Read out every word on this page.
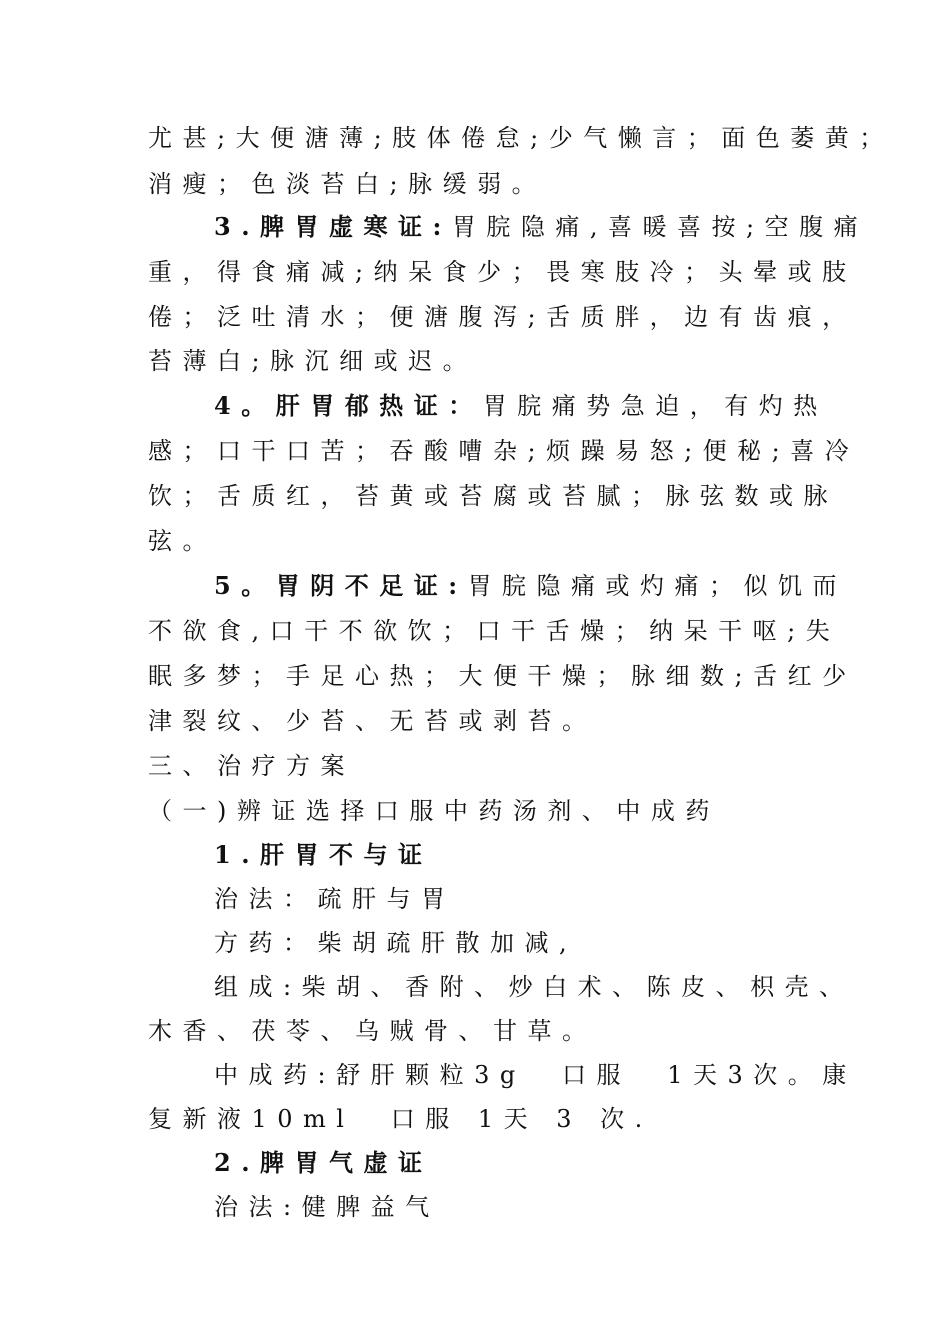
尤甚;大便溏薄;肢体倦怠;少气懒言；面色萎黄；
消瘦；色淡苔白;脉缓弱。
3.脾胃虚寒证:胃脘隐痛,喜暖喜按;空腹痛
重，得食痛减;纳呆食少；畏寒肢冷；头晕或肢
倦；泛吐清水；便溏腹泻;舌质胖，边有齿痕，
苔薄白;脉沉细或迟。
4。肝胃郁热证：胃脘痛势急迫，有灼热
感；口干口苦；吞酸嘈杂;烦躁易怒;便秘;喜冷
饮；舌质红，苔黄或苔腐或苔腻；脉弦数或脉
弦。
5。胃阴不足证:胃脘隐痛或灼痛；似饥而
不欲食,口干不欲饮；口干舌燥；纳呆干呕;失
眠多梦；手足心热；大便干燥；脉细数;舌红少
津裂纹、少苔、无苔或剥苔。
三、治疗方案
（一)辨证选择口服中药汤剂、中成药
1.肝胃不与证
治法：疏肝与胃
方药：柴胡疏肝散加减,
组成:柴胡、香附、炒白术、陈皮、枳壳、
木香、茯苓、乌贼骨、甘草。
中成药:舒肝颗粒3g  口服  1天3次。康
复新液10ml  口服 1天 3 次.
2.脾胃气虚证
治法:健脾益气
